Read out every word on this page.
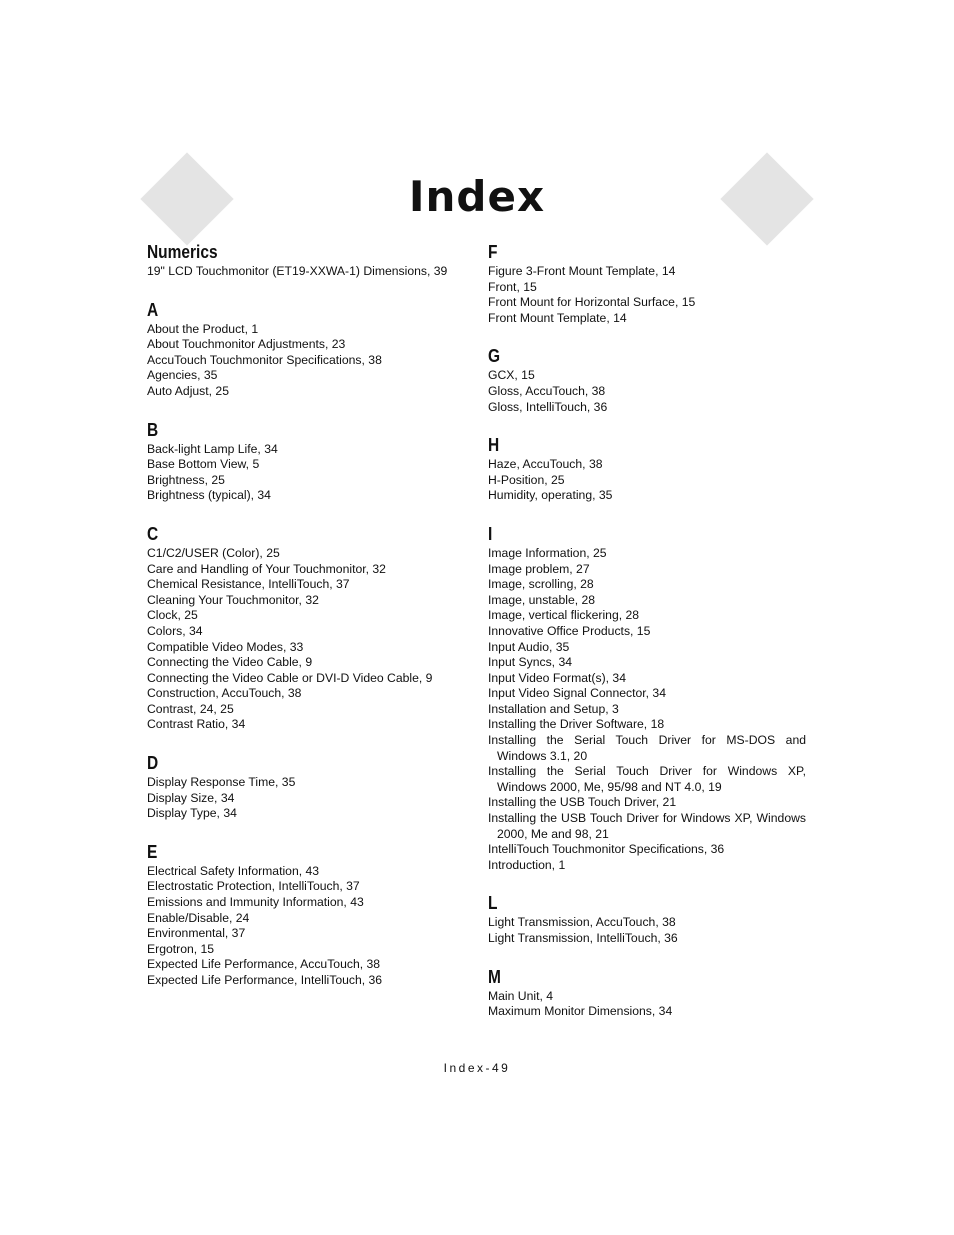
Index
Numerics
19" LCD Touchmonitor (ET19-XXWA-1) Dimensions, 39
A
About the Product, 1
About Touchmonitor Adjustments, 23
AccuTouch Touchmonitor Specifications, 38
Agencies, 35
Auto Adjust, 25
B
Back-light Lamp Life, 34
Base Bottom View, 5
Brightness, 25
Brightness (typical), 34
C
C1/C2/USER (Color), 25
Care and Handling of Your Touchmonitor, 32
Chemical Resistance, IntelliTouch, 37
Cleaning Your Touchmonitor, 32
Clock, 25
Colors, 34
Compatible Video Modes, 33
Connecting the Video Cable, 9
Connecting the Video Cable or DVI-D Video Cable, 9
Construction, AccuTouch, 38
Contrast, 24, 25
Contrast Ratio, 34
D
Display Response Time, 35
Display Size, 34
Display Type, 34
E
Electrical Safety Information, 43
Electrostatic Protection, IntelliTouch, 37
Emissions and Immunity Information, 43
Enable/Disable, 24
Environmental, 37
Ergotron, 15
Expected Life Performance, AccuTouch, 38
Expected Life Performance, IntelliTouch, 36
F
Figure 3-Front Mount Template, 14
Front, 15
Front Mount for Horizontal Surface, 15
Front Mount Template, 14
G
GCX, 15
Gloss, AccuTouch, 38
Gloss, IntelliTouch, 36
H
Haze, AccuTouch, 38
H-Position, 25
Humidity, operating, 35
I
Image Information, 25
Image problem, 27
Image, scrolling, 28
Image, unstable, 28
Image, vertical flickering, 28
Innovative Office Products, 15
Input Audio, 35
Input Syncs, 34
Input Video Format(s), 34
Input Video Signal Connector, 34
Installation and Setup, 3
Installing the Driver Software, 18
Installing the Serial Touch Driver for MS-DOS and Windows 3.1, 20
Installing the Serial Touch Driver for Windows XP, Windows 2000, Me, 95/98 and NT 4.0, 19
Installing the USB Touch Driver, 21
Installing the USB Touch Driver for Windows XP, Windows 2000, Me and 98, 21
IntelliTouch Touchmonitor Specifications, 36
Introduction, 1
L
Light Transmission, AccuTouch, 38
Light Transmission, IntelliTouch, 36
M
Main Unit, 4
Maximum Monitor Dimensions, 34
Index-49
